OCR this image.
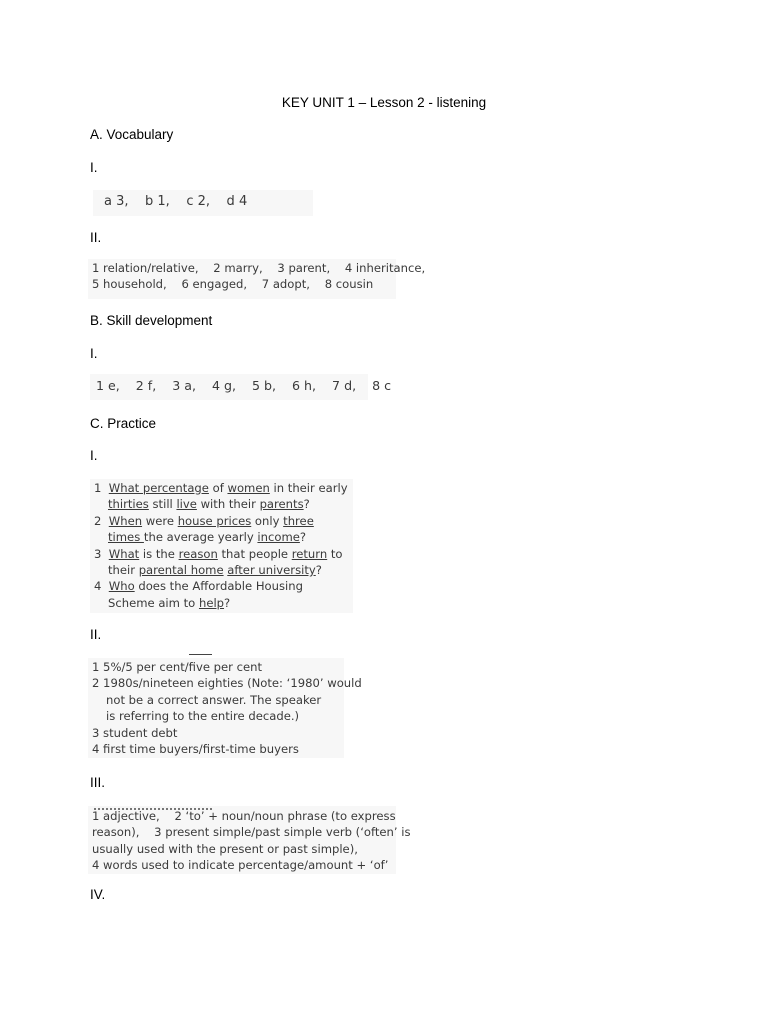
KEY UNIT 1 – Lesson 2 - listening
A. Vocabulary
I.
a 3,    b 1,    c 2,    d 4
II.
1 relation/relative,    2 marry,    3 parent,    4 inheritance,
5 household,    6 engaged,    7 adopt,    8 cousin
B. Skill development
I.
1 e,    2 f,    3 a,    4 g,    5 b,    6 h,    7 d,    8 c
C. Practice
I.
1 What percentage of women in their early
thirties still live with their parents?
2 When were house prices only three
times the average yearly income?
3 What is the reason that people return to
their parental home after university?
4 Who does the Affordable Housing
Scheme aim to help?
II.
1 5%/5 per cent/five per cent
2 1980s/nineteen eighties (Note: ‘1980’ would
not be a correct answer. The speaker
is referring to the entire decade.)
3 student debt
4 first time buyers/first-time buyers
III.
1 adjective,    2 ‘to’ + noun/noun phrase (to express
reason),    3 present simple/past simple verb (‘often’ is
usually used with the present or past simple),
4 words used to indicate percentage/amount + ‘of’
IV.
